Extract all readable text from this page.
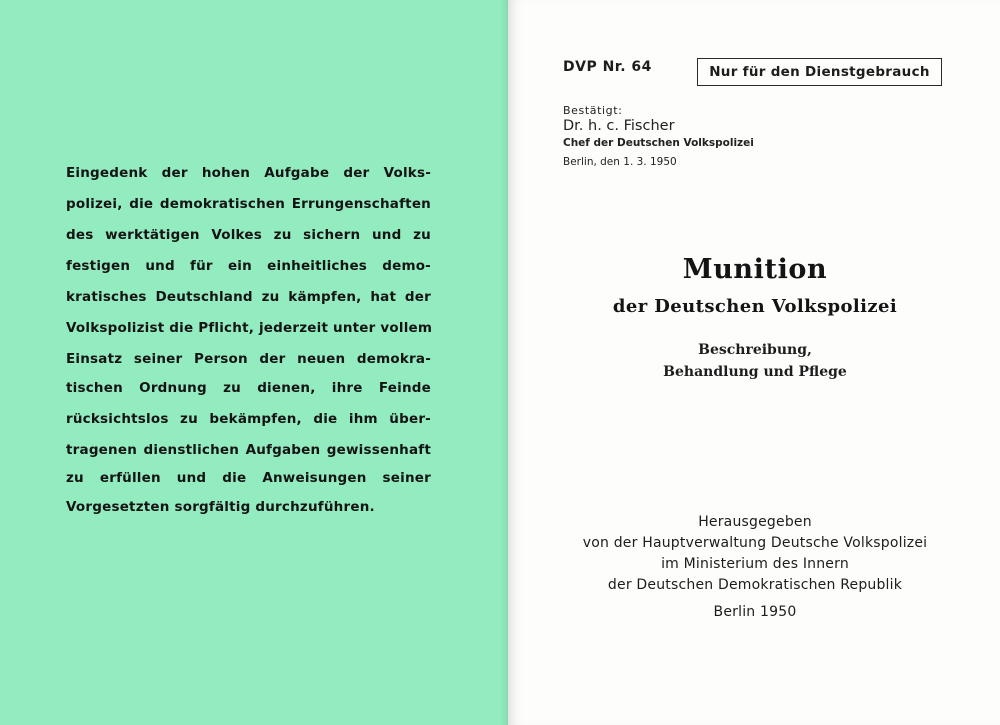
Eingedenk der hohen Aufgabe der Volks-
polizei, die demokratischen Errungenschaften
des werktätigen Volkes zu sichern und zu
festigen und für ein einheitliches demo-
kratisches Deutschland zu kämpfen, hat der
Volkspolizist die Pflicht, jederzeit unter vollem
Einsatz seiner Person der neuen demokra-
tischen Ordnung zu dienen, ihre Feinde
rücksichtslos zu bekämpfen, die ihm über-
tragenen dienstlichen Aufgaben gewissenhaft
zu erfüllen und die Anweisungen seiner
Vorgesetzten sorgfältig durchzuführen.
DVP Nr. 64	Nur für den Dienstgebrauch
Bestätigt:
Dr. h. c. Fischer
Chef der Deutschen Volkspolizei
Berlin, den 1. 3. 1950
Munition
der Deutschen Volkspolizei
Beschreibung,
Behandlung und Pflege
Herausgegeben
von der Hauptverwaltung Deutsche Volkspolizei
im Ministerium des Innern
der Deutschen Demokratischen Republik
Berlin 1950
